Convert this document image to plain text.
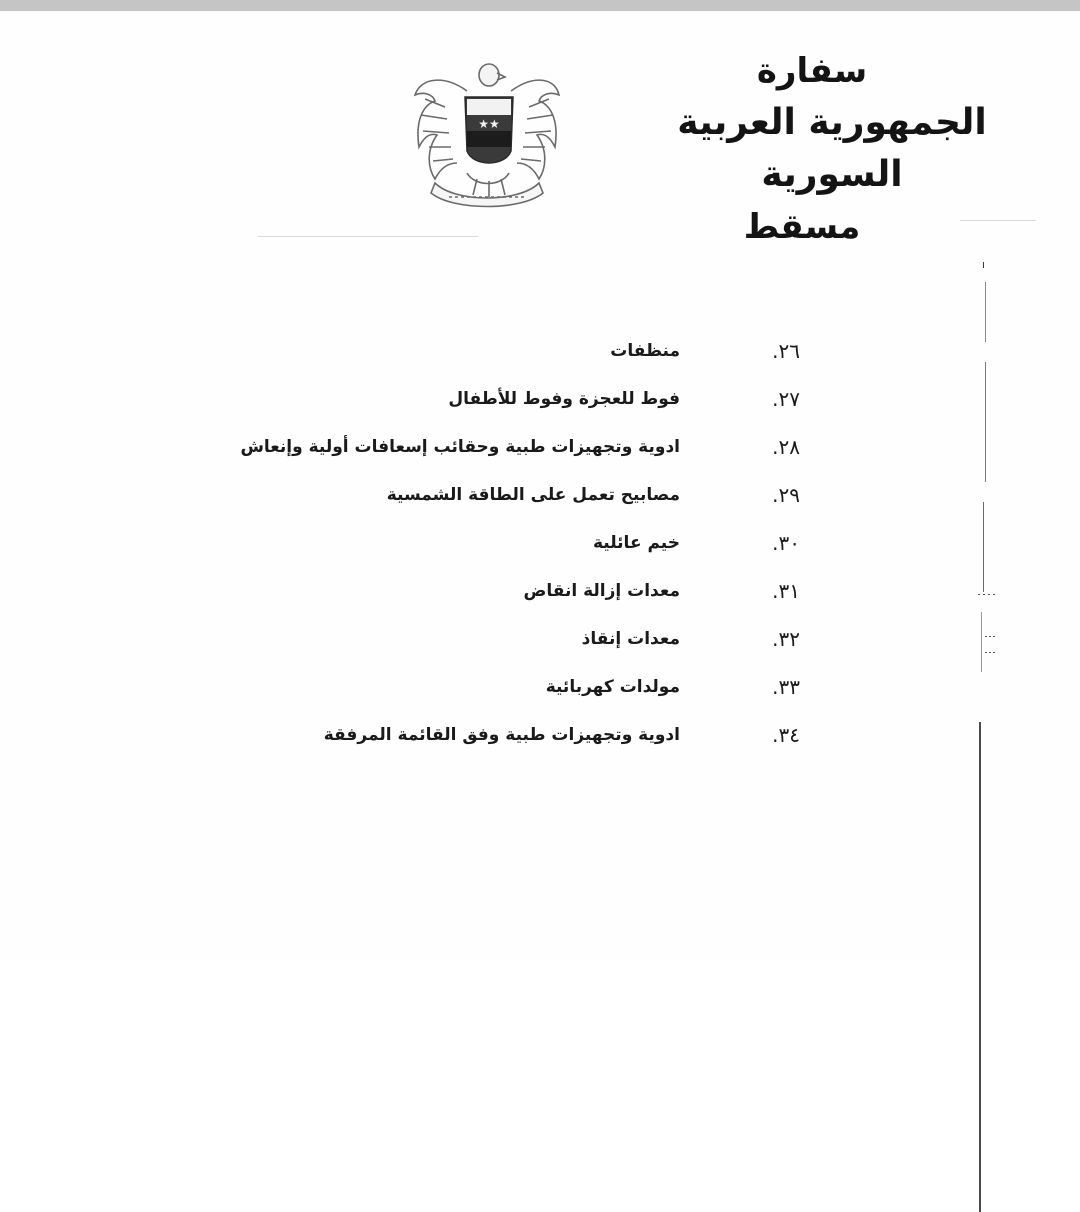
★★
سفارة
الجمهورية العربية السورية
مسقط
٢٦.
منظفات
٢٧.
فوط للعجزة وفوط للأطفال
٢٨.
ادوية وتجهيزات طبية وحقائب إسعافات أولية وإنعاش
٢٩.
مصابيح تعمل على الطاقة الشمسية
٣٠.
خيم عائلية
٣١.
معدات إزالة انقاض
٣٢.
معدات إنقاذ
٣٣.
مولدات كهربائية
٣٤.
ادوية وتجهيزات طبية وفق القائمة المرفقة
